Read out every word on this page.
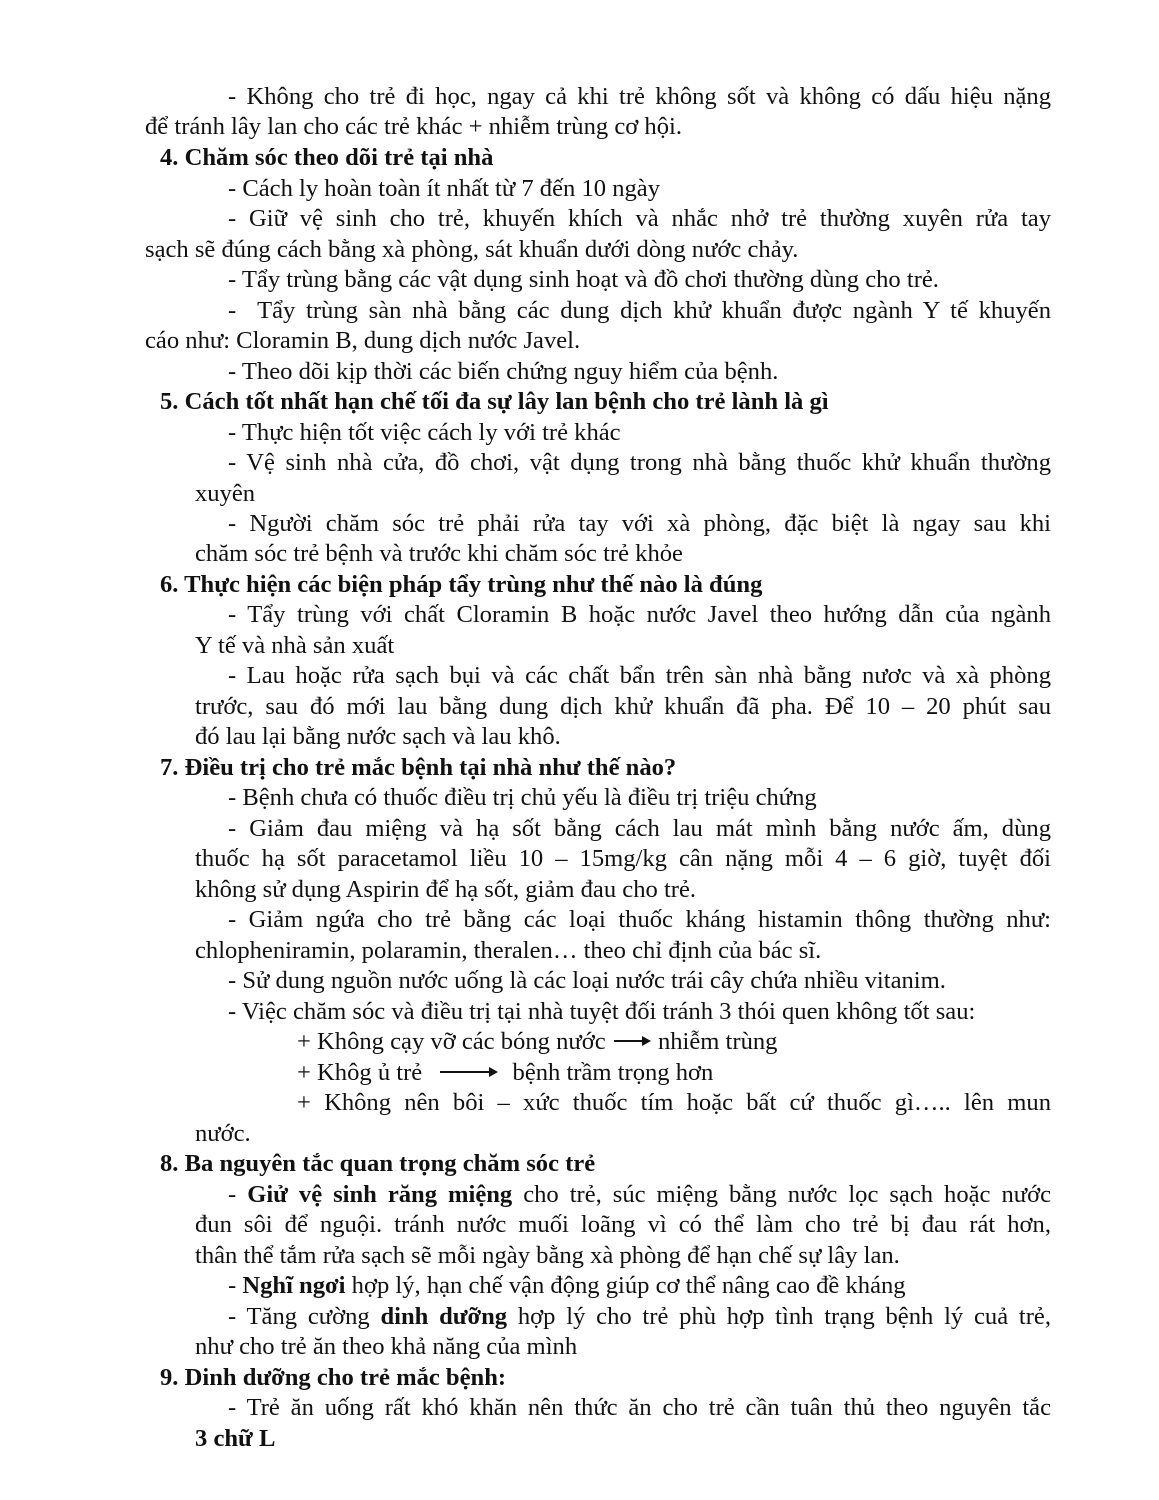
- Không cho trẻ đi học, ngay cả khi trẻ không sốt và không có dấu hiệu nặng

để tránh lây lan cho các trẻ khác + nhiễm trùng cơ hội.

4. Chăm sóc theo dõi trẻ tại nhà

- Cách ly hoàn toàn ít nhất từ 7 đến 10 ngày

- Giữ vệ sinh cho trẻ, khuyến khích và nhắc nhở trẻ thường xuyên rửa tay

sạch sẽ đúng cách bằng xà phòng, sát khuẩn dưới dòng nước chảy.

- Tẩy trùng bằng các vật dụng sinh hoạt và đồ chơi thường dùng cho trẻ.

-  Tẩy trùng sàn nhà bằng các dung dịch khử khuẩn được ngành Y tế khuyến

cáo như: Cloramin B, dung dịch nước Javel.

- Theo dõi kịp thời các biến chứng nguy hiểm của bệnh.

5. Cách tốt nhất hạn chế tối đa sự lây lan bệnh cho trẻ lành là gì

- Thực hiện tốt việc cách ly với trẻ khác

- Vệ sinh nhà cửa, đồ chơi, vật dụng trong nhà bằng thuốc khử khuẩn thường

xuyên

- Người chăm sóc trẻ phải rửa tay với xà phòng, đặc biệt là ngay sau khi

chăm sóc trẻ bệnh và trước khi chăm sóc trẻ khỏe

6. Thực hiện các biện pháp tẩy trùng như thế nào là đúng

- Tẩy trùng với chất Cloramin B hoặc nước Javel theo hướng dẫn của ngành

Y tế và nhà sản xuất

- Lau hoặc rửa sạch bụi và các chất bẩn trên sàn nhà bằng nươc và xà phòng

trước, sau đó mới lau bằng dung dịch khử khuẩn đã pha. Để 10 – 20 phút sau

đó lau lại bằng nước sạch và lau khô.

7. Điều trị cho trẻ mắc bệnh tại nhà như thế nào?

- Bệnh chưa có thuốc điều trị chủ yếu là điều trị triệu chứng

- Giảm đau miệng và hạ sốt bằng cách lau mát mình bằng nước ấm, dùng

thuốc hạ sốt paracetamol liều 10 – 15mg/kg cân nặng mỗi 4 – 6 giờ, tuyệt đối

không sử dụng Aspirin để hạ sốt, giảm đau cho trẻ.

- Giảm ngứa cho trẻ bằng các loại thuốc kháng histamin thông thường như:

chlopheniramin, polaramin, theralen… theo chỉ định của bác sĩ.

- Sử dung nguồn nước uống là các loại nước trái cây chứa nhiều vitanim.

- Việc chăm sóc và điều trị tại nhà tuyệt đối tránh 3 thói quen không tốt sau:

+ Không cạy vỡ các bóng nước nhiễm trùng

+ Khôg ủ trẻ	bệnh trầm trọng hơn

+ Không nên bôi – xức thuốc tím hoặc bất cứ thuốc gì….. lên mun

nước.

8. Ba nguyên tắc quan trọng chăm sóc trẻ

- Giử vệ sinh răng miệng cho trẻ, súc miệng bằng nước lọc sạch hoặc nước

đun sôi để nguội. tránh nước muối loãng vì có thể làm cho trẻ bị đau rát hơn,

thân thể tắm rửa sạch sẽ mỗi ngày bằng xà phòng để hạn chế sự lây lan.

- Nghĩ ngơi hợp lý, hạn chế vận động giúp cơ thể nâng cao đề kháng

- Tăng cường dinh dưỡng hợp lý cho trẻ phù hợp tình trạng bệnh lý cuả trẻ,

như cho trẻ ăn theo khả năng của mình

9. Dinh dưỡng cho trẻ mắc bệnh:

- Trẻ ăn uống rất khó khăn nên thức ăn cho trẻ cần tuân thủ theo nguyên tắc

3 chữ L
